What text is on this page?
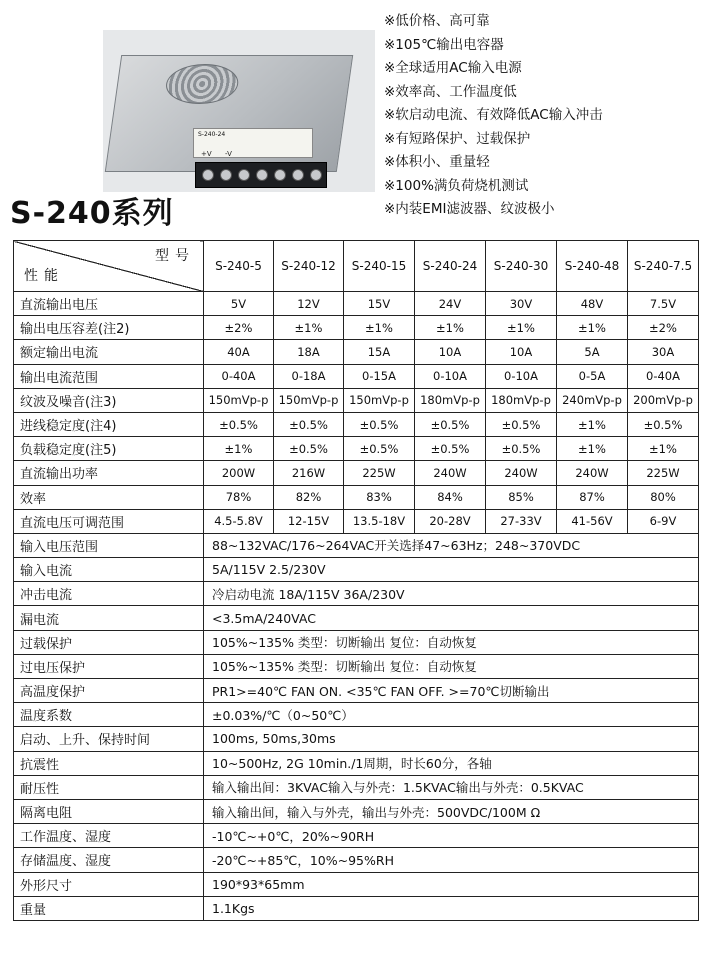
S-240-24
+V -V
S-240系列
※低价格、高可靠
※105℃输出电容器
※全球适用AC输入电源
※效率高、工作温度低
※软启动电流、有效降低AC输入冲击
※有短路保护、过载保护
※体积小、重量轻
※100%满负荷烧机测试
※内装EMI滤波器、纹波极小
型号
性能	S-240-5	S-240-12	S-240-15	S-240-24	S-240-30	S-240-48	S-240-7.5
直流输出电压	5V	12V	15V	24V	30V	48V	7.5V
输出电压容差(注2)	±2%	±1%	±1%	±1%	±1%	±1%	±2%
额定输出电流	40A	18A	15A	10A	10A	5A	30A
输出电流范围	0-40A	0-18A	0-15A	0-10A	0-10A	0-5A	0-40A
纹波及噪音(注3)	150mVp-p	150mVp-p	150mVp-p	180mVp-p	180mVp-p	240mVp-p	200mVp-p
进线稳定度(注4)	±0.5%	±0.5%	±0.5%	±0.5%	±0.5%	±1%	±0.5%
负载稳定度(注5)	±1%	±0.5%	±0.5%	±0.5%	±0.5%	±1%	±1%
直流输出功率	200W	216W	225W	240W	240W	240W	225W
效率	78%	82%	83%	84%	85%	87%	80%
直流电压可调范围	4.5-5.8V	12-15V	13.5-18V	20-28V	27-33V	41-56V	6-9V
输入电压范围	88~132VAC/176~264VAC开关选择47~63Hz；248~370VDC						
输入电流	5A/115V 2.5/230V						
冲击电流	冷启动电流 18A/115V 36A/230V						
漏电流	<3.5mA/240VAC						
过载保护	105%~135% 类型：切断输出 复位：自动恢复						
过电压保护	105%~135% 类型：切断输出 复位：自动恢复						
高温度保护	PR1>=40℃ FAN ON. <35℃ FAN OFF. >=70℃切断输出						
温度系数	±0.03%/℃（0~50℃）						
启动、上升、保持时间	100ms, 50ms,30ms						
抗震性	10~500Hz, 2G 10min./1周期，时长60分，各轴						
耐压性	输入输出间：3KVAC输入与外壳：1.5KVAC输出与外壳：0.5KVAC						
隔离电阻	输入输出间，输入与外壳，输出与外壳：500VDC/100M Ω						
工作温度、湿度	-10℃~+0℃，20%~90RH						
存储温度、湿度	-20℃~+85℃，10%~95%RH						
外形尺寸	190*93*65mm						
重量	1.1Kgs						
